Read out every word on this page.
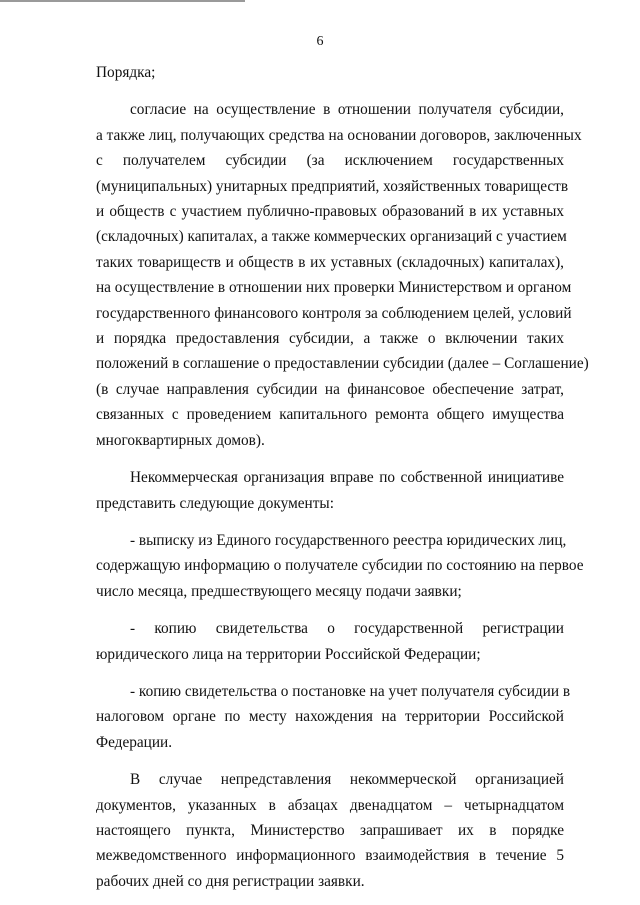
6
Порядка;
согласие на осуществление в отношении получателя субсидии,
а также лиц, получающих средства на основании договоров, заключенных
с получателем субсидии (за исключением государственных
(муниципальных) унитарных предприятий, хозяйственных товариществ
и обществ с участием публично-правовых образований в их уставных
(складочных) капиталах, а также коммерческих организаций с участием
таких товариществ и обществ в их уставных (складочных) капиталах),
на осуществление в отношении них проверки Министерством и органом
государственного финансового контроля за соблюдением целей, условий
и порядка предоставления субсидии, а также о включении таких
положений в соглашение о предоставлении субсидии (далее – Соглашение)
(в случае направления субсидии на финансовое обеспечение затрат,
связанных с проведением капитального ремонта общего имущества
многоквартирных домов).
Некоммерческая организация вправе по собственной инициативе
представить следующие документы:
- выписку из Единого государственного реестра юридических лиц,
содержащую информацию о получателе субсидии по состоянию на первое
число месяца, предшествующего месяцу подачи заявки;
- копию свидетельства о государственной регистрации
юридического лица на территории Российской Федерации;
- копию свидетельства о постановке на учет получателя субсидии в
налоговом органе по месту нахождения на территории Российской
Федерации.
В случае непредставления некоммерческой организацией
документов, указанных в абзацах двенадцатом – четырнадцатом
настоящего пункта, Министерство запрашивает их в порядке
межведомственного информационного взаимодействия в течение 5
рабочих дней со дня регистрации заявки.
